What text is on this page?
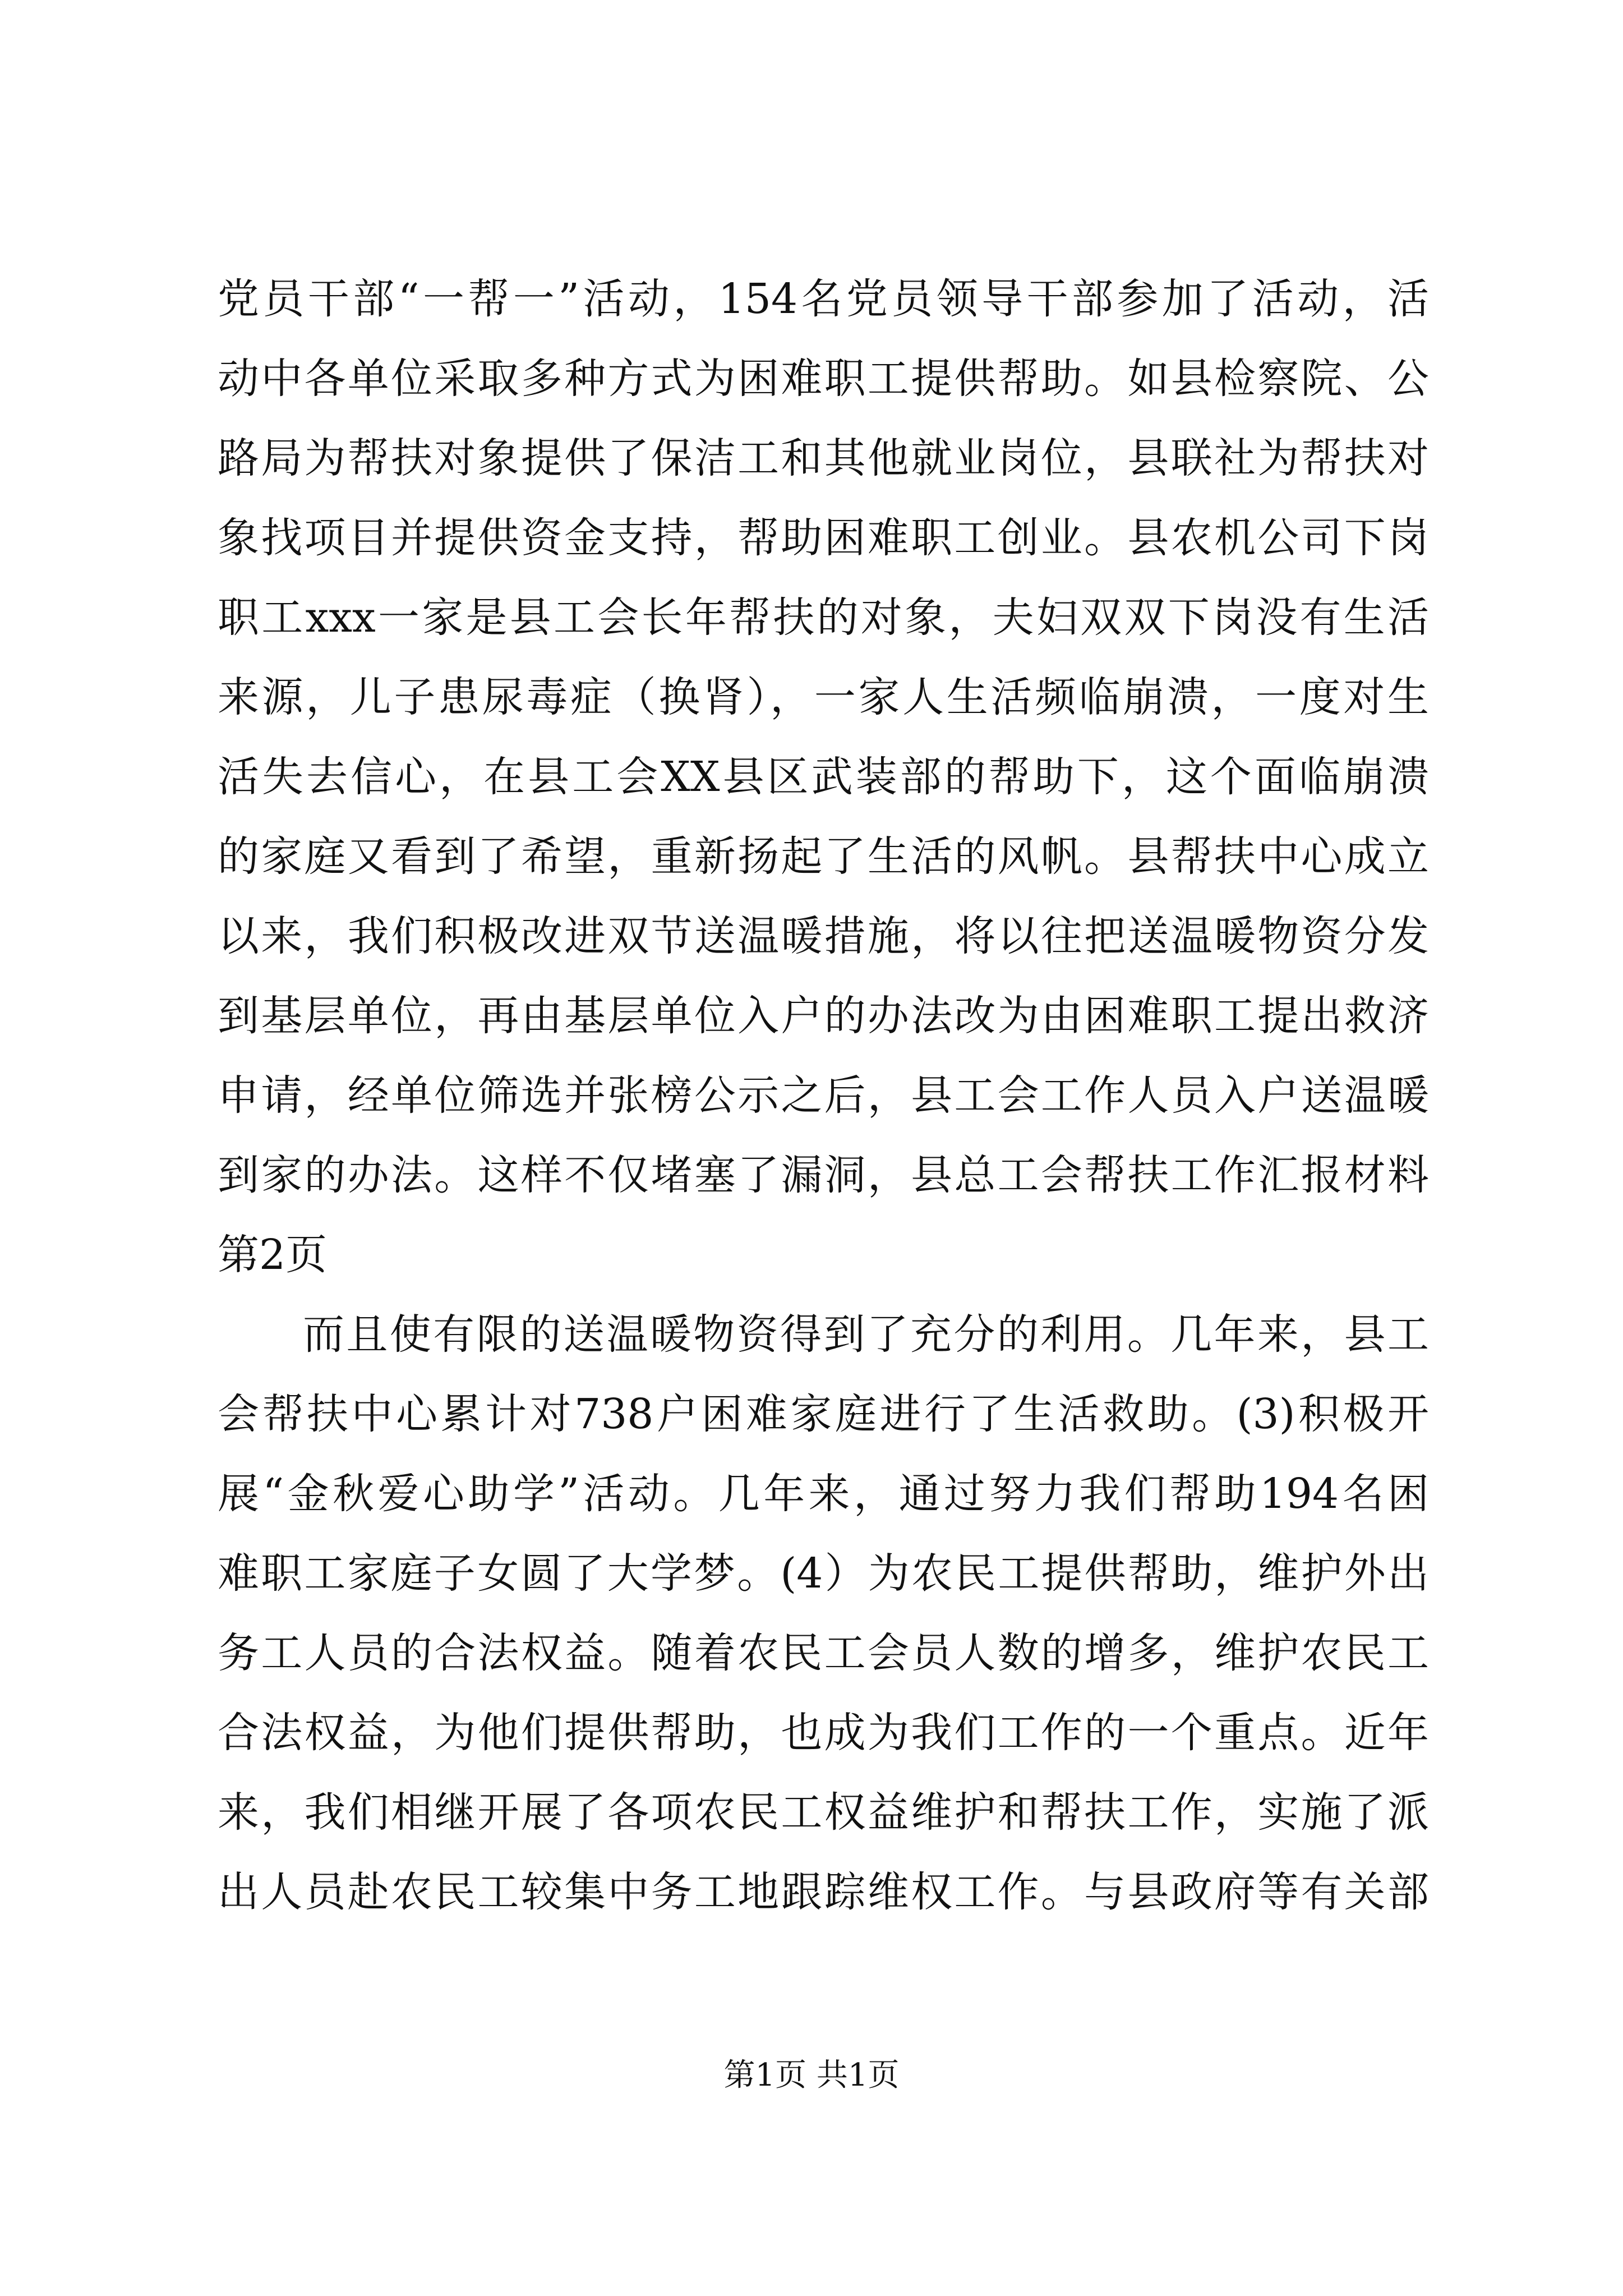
党员干部“一帮一”活动，154名党员领导干部参加了活动，活
动中各单位采取多种方式为困难职工提供帮助。如县检察院、公
路局为帮扶对象提供了保洁工和其他就业岗位，县联社为帮扶对
象找项目并提供资金支持，帮助困难职工创业。县农机公司下岗
职工xxx一家是县工会长年帮扶的对象，夫妇双双下岗没有生活
来源，儿子患尿毒症（换肾），一家人生活频临崩溃，一度对生
活失去信心，在县工会XX县区武装部的帮助下，这个面临崩溃
的家庭又看到了希望，重新扬起了生活的风帆。县帮扶中心成立
以来，我们积极改进双节送温暖措施，将以往把送温暖物资分发
到基层单位，再由基层单位入户的办法改为由困难职工提出救济
申请，经单位筛选并张榜公示之后，县工会工作人员入户送温暖
到家的办法。这样不仅堵塞了漏洞，县总工会帮扶工作汇报材料
第2页
而且使有限的送温暖物资得到了充分的利用。几年来，县工
会帮扶中心累计对738户困难家庭进行了生活救助。(3)积极开
展“金秋爱心助学”活动。几年来，通过努力我们帮助194名困
难职工家庭子女圆了大学梦。(4）为农民工提供帮助，维护外出
务工人员的合法权益。随着农民工会员人数的增多，维护农民工
合法权益，为他们提供帮助，也成为我们工作的一个重点。近年
来，我们相继开展了各项农民工权益维护和帮扶工作，实施了派
出人员赴农民工较集中务工地跟踪维权工作。与县政府等有关部
第1页 共1页
